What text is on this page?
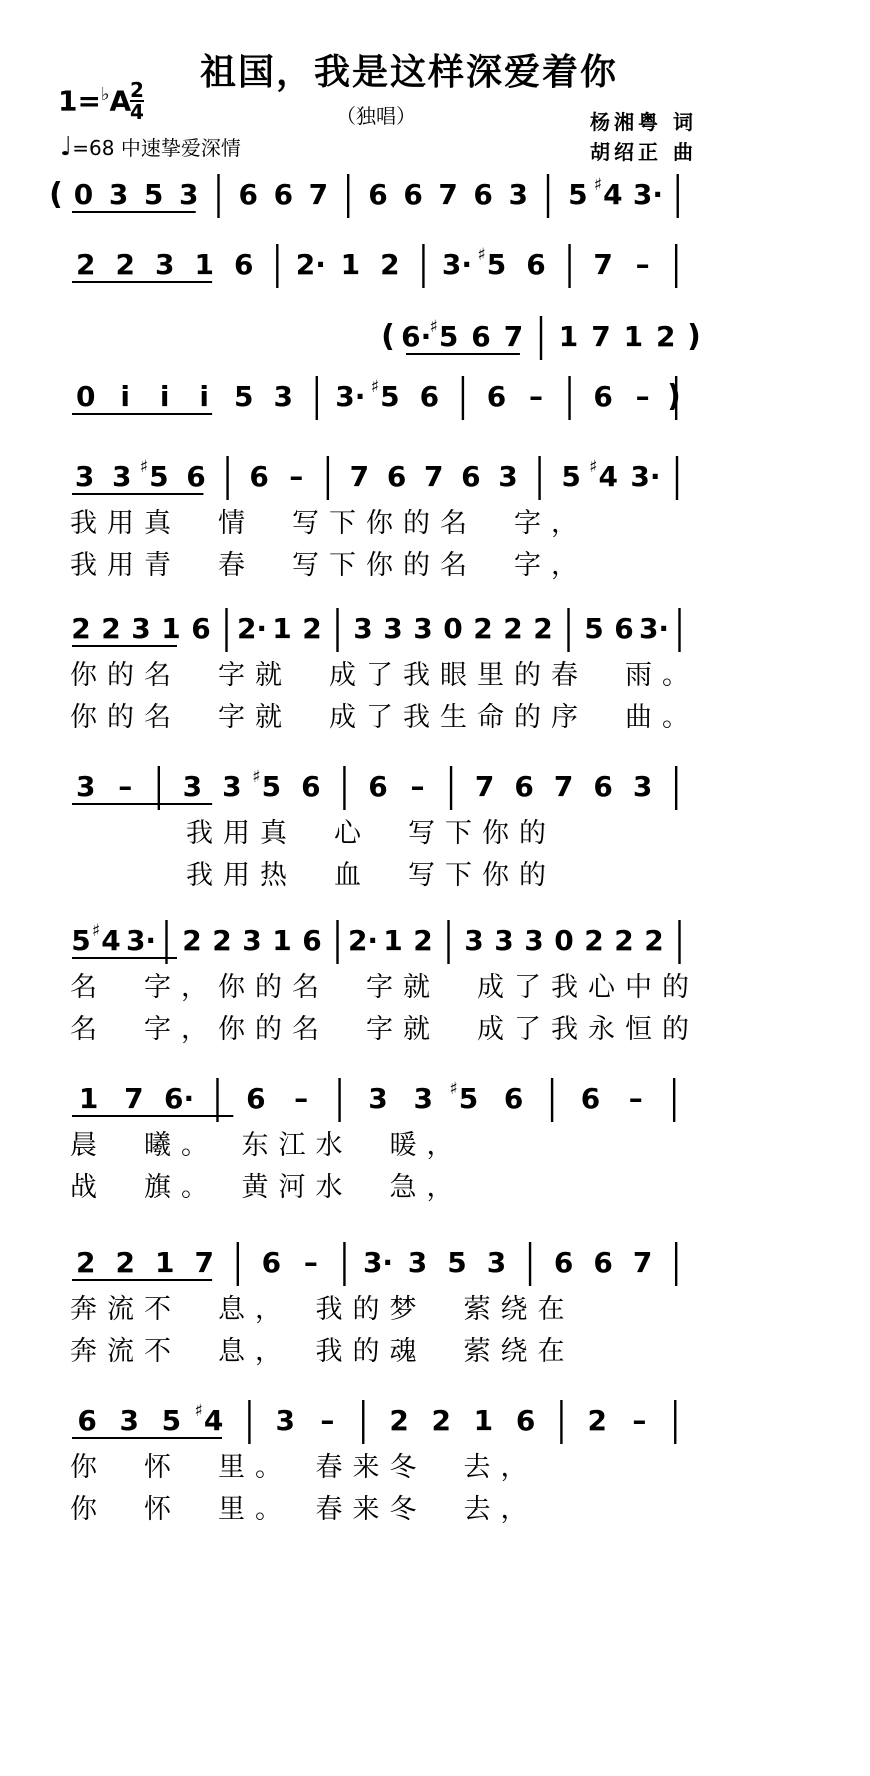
祖国，我是这样深爱着你
1=♭A
2
4	（独唱）	杨湘粤 词
胡绍正 曲
♩=68 中速挚爱深情
0 3 5 3 6 6 7 6 6 7 6 3 5 ♯ 4 3·
(
2 2 3 1 6 2· 1 2 3· ♯ 5 6 7 –
6·
♯ 5 6 7 1 7 1 2
(	)
0 i i i 5 3 3· ♯ 5 6 6 – 6 – )
3 3 ♯ 5 6 6 – 7 6 7 6 3 5 ♯ 4 3·
我用真　情　写下你的名　字，
我用青　春　写下你的名　字，
2 2 3 1 6 2· 1 2 3 3 3 0 2 2 2 5 6 3·
你的名　字就　成了我眼里的春　雨。
你的名　字就　成了我生命的序　曲。
3 – 3 3 ♯ 5 6 6 – 7 6 7 6 3
我用真　心　写下你的
我用热　血　写下你的
5 ♯ 4 3· 2 2 3 1 6 2· 1 2 3 3 3 0 2 2 2
名　字，你的名　字就　成了我心中的
名　字，你的名　字就　成了我永恒的
1 7 6· 6 – 3 3 ♯ 5 6 6 –
晨　曦。　东江水　暖，
战　旗。　黄河水　急，
2 2 1 7 6 – 3· 3 5 3 6 6 7
奔流不　息，　我的梦　萦绕在
奔流不　息，　我的魂　萦绕在
6 3 5 ♯ 4 3 – 2 2 1 6 2 –
你　怀　里。　春来冬　去，
你　怀　里。　春来冬　去，
